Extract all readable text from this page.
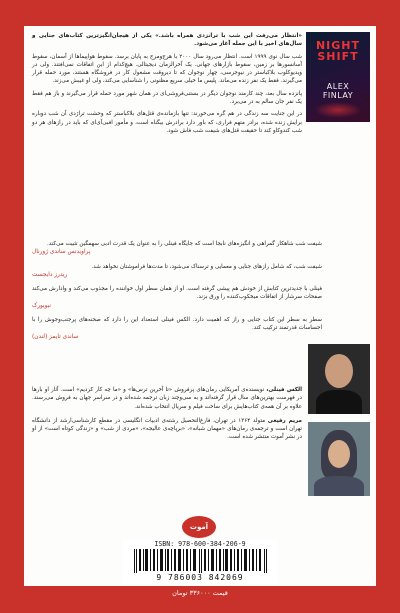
NIGHT
SHIFT
ALEX
FINLAY

«انتظار می‌رفت این شب با ترانزدی همراه باشد.» یکی از هیجان‌انگیزترین کتاب‌های جنایی و سال‌های اخیر با این جمله آغاز می‌شود.

شب سال نوی ۱۹۹۹ است. انتظار می‌رود سال ۲۰۰۰ با هرج‌ومرج به پایان برسد. سقوط هواپیماها از آسمان، سقوط آسانسورها بر زمین، سقوط بازارهای جهانی. یک آخرالزمان دیجیتالی. هیچ‌کدام از این اتفاقات نمی‌افتند. ولی در ویدیوکلوب بلاکباستر در نیوجرسی، چهار نوجوان که تا دیروقت مشغول کار در فروشگاه هستند، مورد حمله قرار می‌گیرند. فقط یک نفر زنده می‌ماند. پلیس ما خیلی سریع مظنونی را شناسایی می‌کند، ولی او غیبش می‌زند.

پانزده سال بعد، چند کارمند نوجوان دیگر در بستنی‌فروشی‌ای در همان شهر مورد حمله قرار می‌گیرند و باز هم فقط یک نفر جان سالم به در می‌برد.

در این جنایت سه زندگی در هم گره می‌خورند: تنها بازمانده‌ی قتل‌های بلاکباستر که وحشت تراژدی آن شب دوباره برایش زنده شده، برادر متهم فراری، که باور دارد برادرش بیگناه است، و مأمور افبی‌آی‌ای که باید در رازهای هر دو شب کندوکاو کند تا حقیقت قتل‌های شیفت شب فاش شود.

شیفت شب شاهکار گمراهی و انگیزه‌های نابجا است که جایگاه فینلی را به عنوان یک قدرت ادبی سهمگین تثبیت می‌کند.
پراویدنس ساندی ژورنال
شیفت شب، که شامل رازهای جنایی و معمایی و ترسناک می‌شود، تا مدت‌ها فراموشتان نخواهد شد.
ریدرز دایجست
فینلی با جدیدترین کتابش از خودش هم پیشی گرفته است. او از همان سطر اول خواننده را مجذوب می‌کند و وادارش می‌کند صفحات سرشار از اتفاقات میخکوب‌کننده را ورق بزند.
نیویورک
سطر به سطر این کتاب جنایی و راز که اهمیت دارد. الکس فینلی استعداد این را دارد که صحنه‌های پرجنب‌وجوش را با احساسات قدرتمند ترکیب کند.
ساندی تایمز (لندن)

الکس فینلی، نویسنده‌ی آمریکایی رمان‌های پرفروش «تا آخرین ترس‌ها» و «ما چه کار کردیم» است. آثار او بارها در فهرست بهترین‌های سال قرار گرفته‌اند و به سی‌وچند زبان ترجمه شده‌اند و در سراسر جهان به فروش می‌رسند. علاوه بر آن همه‌ی کتاب‌هایش برای ساخت فیلم و سریال انتخاب شده‌اند.

مریم رفیعی متولد ۱۳۶۴ در تهران، فارغ‌التحصیل رشته‌ی ادبیات انگلیسی در مقطع کارشناسی‌ارشد از دانشگاه تهران است و ترجمه‌ی رمان‌های «مهمان شبانه»، «برپاچه‌ی عالیجه»، «مردی از شب» و «زندگی کوتاه است» از او در نشر آموت منتشر شده است.

آموت
ISBN: 978-600-384-206-9
9 786003 842069
قیمت ۳۳۶۰۰۰ تومان
